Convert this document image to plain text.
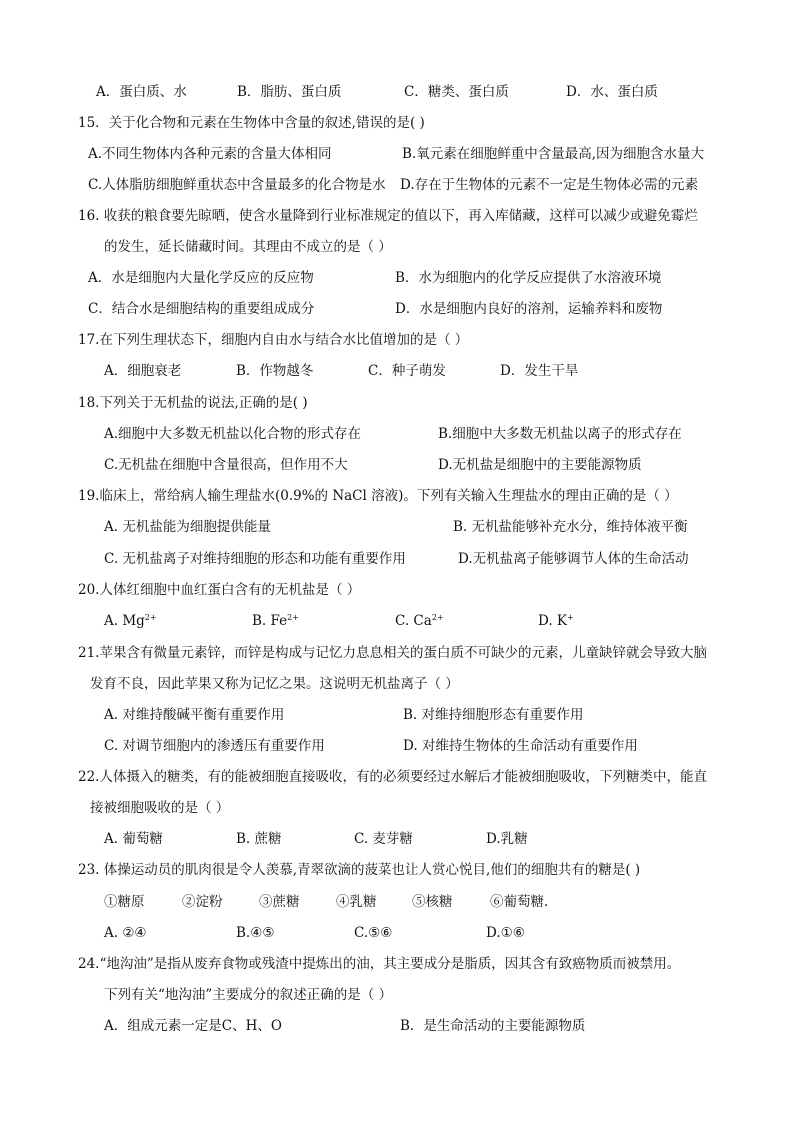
A．蛋白质、水	B．脂肪、蛋白质	C．糖类、蛋白质	D．水、蛋白质
15．关于化合物和元素在生物体中含量的叙述,错误的是( )
A.不同生物体内各种元素的含量大体相同	B.氧元素在细胞鲜重中含量最高,因为细胞含水量大
C.人体脂肪细胞鲜重状态中含量最多的化合物是水 D.存在于生物体的元素不一定是生物体必需的元素
16. 收获的粮食要先晾晒，使含水量降到行业标准规定的值以下，再入库储藏，这样可以减少或避免霉烂
的发生，延长储藏时间。其理由不成立的是（ ）
A．水是细胞内大量化学反应的反应物	B．水为细胞内的化学反应提供了水溶液环境
C．结合水是细胞结构的重要组成成分	D．水是细胞内良好的溶剂，运输养料和废物
17.在下列生理状态下，细胞内自由水与结合水比值增加的是（ ）
A．细胞衰老	B．作物越冬	C．种子萌发	D．发生干旱
18.下列关于无机盐的说法,正确的是( )
A.细胞中大多数无机盐以化合物的形式存在	B.细胞中大多数无机盐以离子的形式存在
C.无机盐在细胞中含量很高，但作用不大	D.无机盐是细胞中的主要能源物质
19.临床上，常给病人输生理盐水(0.9%的 NaCl 溶液)。下列有关输入生理盐水的理由正确的是（ ）
A. 无机盐能为细胞提供能量	B. 无机盐能够补充水分，维持体液平衡
C. 无机盐离子对维持细胞的形态和功能有重要作用	D.无机盐离子能够调节人体的生命活动
20.人体红细胞中血红蛋白含有的无机盐是（ ）
A. $Mg^{2+}$	B. $Fe^{2+}$	C. $Ca^{2+}$	D. K+
21.苹果含有微量元素锌，而锌是构成与记忆力息息相关的蛋白质不可缺少的元素，儿童缺锌就会导致大脑
发育不良，因此苹果又称为记忆之果。这说明无机盐离子（ ）
A. 对维持酸碱平衡有重要作用	B. 对维持细胞形态有重要作用
C. 对调节细胞内的渗透压有重要作用	D. 对维持生物体的生命活动有重要作用
22.人体摄入的糖类，有的能被细胞直接吸收，有的必须要经过水解后才能被细胞吸收，下列糖类中，能直
接被细胞吸收的是（ ）
A. 葡萄糖	B. 蔗糖	C. 麦芽糖	D.乳糖
23. 体操运动员的肌肉很是令人羡慕,青翠欲滴的菠菜也让人赏心悦目,他们的细胞共有的糖是( )
①糖原	②淀粉	③蔗糖	④乳糖	⑤核糖	⑥葡萄糖.
A. ②④	B.④⑤	C.⑤⑥	D.①⑥
24.“地沟油”是指从废弃食物或残渣中提炼出的油，其主要成分是脂质，因其含有致癌物质而被禁用。
下列有关“地沟油”主要成分的叙述正确的是（ ）
A．组成元素一定是C、H、O	B．是生命活动的主要能源物质
